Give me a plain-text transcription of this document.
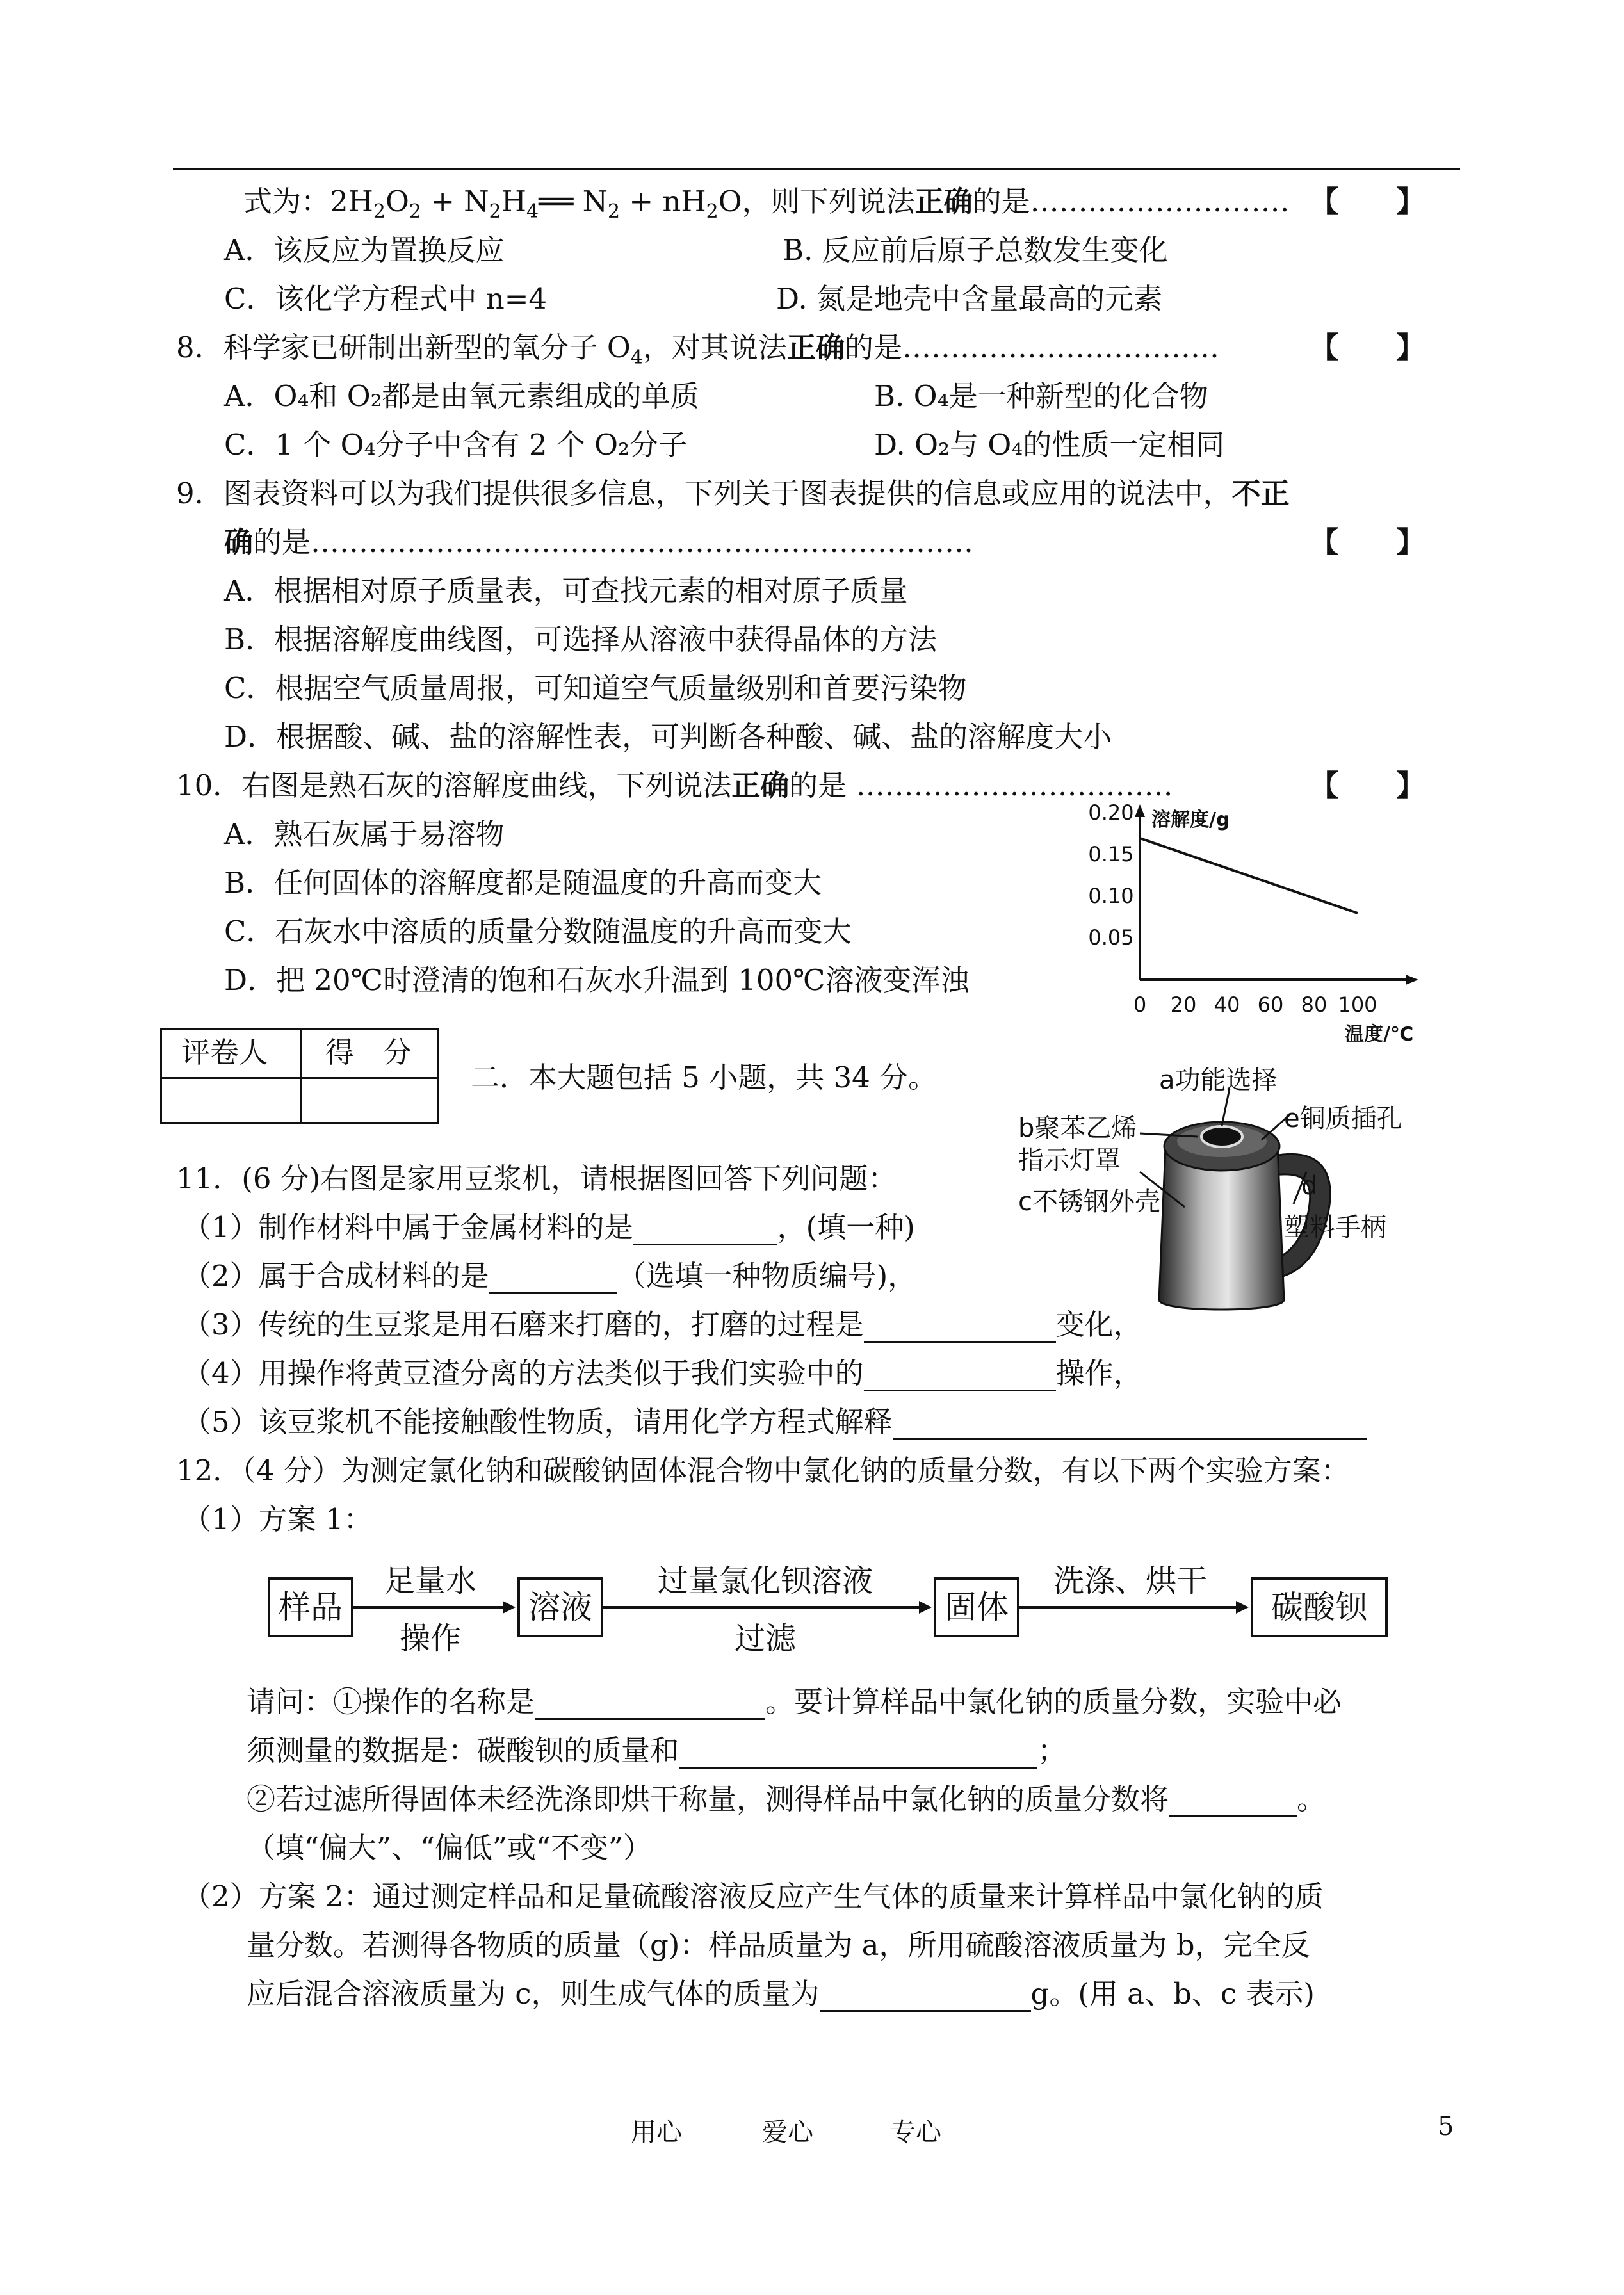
式为：$2H_2O_2$ + $N_2H_4══$ $N_2 + nH_2O$，则下列说法正确的是……………………… 【　　】
A．该反应为置换反应	B. 反应前后原子总数发生变化
C．该化学方程式中 n=4	D. 氮是地壳中含量最高的元素
8．科学家已研制出新型的氧分子 $O_4$，对其说法正确的是……………………………	【　　】
A．O₄和 O₂都是由氧元素组成的单质	B. O₄是一种新型的化合物
C．1 个 O₄分子中含有 2 个 O₂分子	D. O₂与 O₄的性质一定相同
9．图表资料可以为我们提供很多信息，下列关于图表提供的信息或应用的说法中，不正
确的是……………………………………………………………	【　　】
A．根据相对原子质量表，可查找元素的相对原子质量
B．根据溶解度曲线图，可选择从溶液中获得晶体的方法
C．根据空气质量周报，可知道空气质量级别和首要污染物
D．根据酸、碱、盐的溶解性表，可判断各种酸、碱、盐的溶解度大小
10．右图是熟石灰的溶解度曲线，下列说法正确的是 ……………………………	【　　】
A．熟石灰属于易溶物
B．任何固体的溶解度都是随温度的升高而变大
C．石灰水中溶质的质量分数随温度的升高而变大
D．把 20℃时澄清的饱和石灰水升温到 100℃溶液变浑浊
溶解度/g
温度/℃
0.20
0.15
0.10
0.05
0 20 40 60 80 100
评卷人 得　分
二．本大题包括 5 小题，共 34 分。
11．(6 分)右图是家用豆浆机，请根据图回答下列问题：
（1）制作材料中属于金属材料的是	，(填一种)
（2）属于合成材料的是	（选填一种物质编号)，
（3）传统的生豆浆是用石磨来打磨的，打磨的过程是	变化，
（4）用操作将黄豆渣分离的方法类似于我们实验中的	操作，
（5）该豆浆机不能接触酸性物质，请用化学方程式解释
a功能选择
b聚苯乙烯
指示灯罩
e铜质插孔
c不锈钢外壳
d
塑料手柄
12．（4 分）为测定氯化钠和碳酸钠固体混合物中氯化钠的质量分数，有以下两个实验方案：
（1）方案 1：
样品
足量水
操作
溶液
过量氯化钡溶液
过滤
固体
洗涤、烘干
碳酸钡
请问：①操作的名称是	。要计算样品中氯化钠的质量分数，实验中必
须测量的数据是：碳酸钡的质量和	；
②若过滤所得固体未经洗涤即烘干称量，测得样品中氯化钠的质量分数将	。
（填“偏大”、“偏低”或“不变”）
（2）方案 2：通过测定样品和足量硫酸溶液反应产生气体的质量来计算样品中氯化钠的质
量分数。若测得各物质的质量（g)：样品质量为 a，所用硫酸溶液质量为 b，完全反
应后混合溶液质量为 c，则生成气体的质量为	g。(用 a、b、c 表示)
用心	爱心	专心	5
